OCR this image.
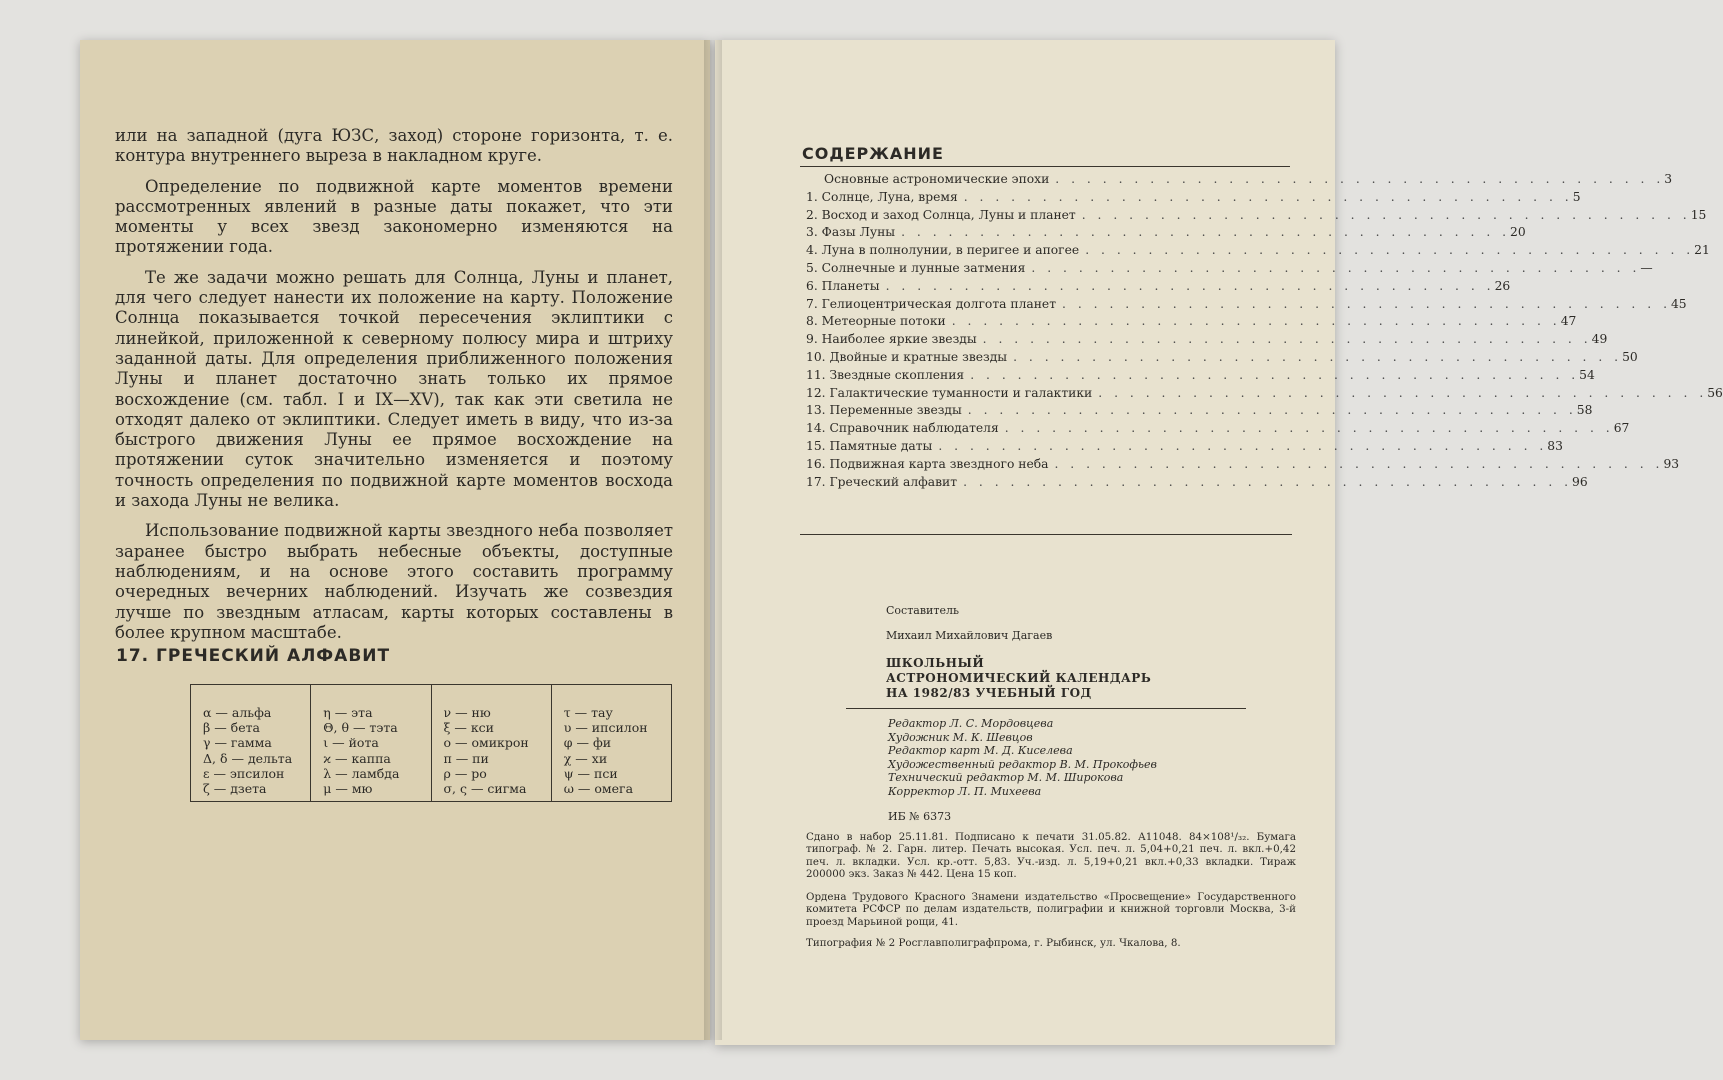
или на западной (дуга ЮЗС, заход) стороне горизонта, т. е. контура внутреннего выреза в накладном круге.

Определение по подвижной карте моментов времени рассмотренных явлений в разные даты покажет, что эти моменты у всех звезд закономерно изменяются на протяжении года.

Те же задачи можно решать для Солнца, Луны и планет, для чего следует нанести их положение на карту. Положение Солнца показывается точкой пересечения эклиптики с линейкой, приложенной к северному полюсу мира и штриху заданной даты. Для определения приближенного положения Луны и планет достаточно знать только их прямое восхождение (см. табл. I и IX—XV), так как эти светила не отходят далеко от эклиптики. Следует иметь в виду, что из-за быстрого движения Луны ее прямое восхождение на протяжении суток значительно изменяется и поэтому точность определения по подвижной карте моментов восхода и захода Луны не велика.

Использование подвижной карты звездного неба позволяет заранее быстро выбрать небесные объекты, доступные наблюдениям, и на основе этого составить программу очередных вечерних наблюдений. Изучать же созвездия лучше по звездным атласам, карты которых составлены в более крупном масштабе.

17. ГРЕЧЕСКИЙ АЛФАВИТ
α — альфа
β — бета
γ — гамма
Δ, δ — дельта
ε — эпсилон
ζ — дзета
η — эта
Θ, θ — тэта
ι — йота
ϰ — каппа
λ — ламбда
μ — мю
ν — ню
ξ — кси
ο — омикрон
π — пи
ρ — ро
σ, ς — сигма
τ — тау
υ — ипсилон
φ — фи
χ — хи
ψ — пси
ω — омега
СОДЕРЖАНИЕ
Основные астрономические эпохи . . . . . . . . . . . . . . . . . . . . . . . . . . . . . . . . . . . . . . . 3
1. Солнце, Луна, время . . . . . . . . . . . . . . . . . . . . . . . . . . . . . . . . . . . . . . . 5
2. Восход и заход Солнца, Луны и планет . . . . . . . . . . . . . . . . . . . . . . . . . . . . . . . . . . . . . . . 15
3. Фазы Луны . . . . . . . . . . . . . . . . . . . . . . . . . . . . . . . . . . . . . . . 20
4. Луна в полнолунии, в перигее и апогее . . . . . . . . . . . . . . . . . . . . . . . . . . . . . . . . . . . . . . . 21
5. Солнечные и лунные затмения . . . . . . . . . . . . . . . . . . . . . . . . . . . . . . . . . . . . . . . —
6. Планеты . . . . . . . . . . . . . . . . . . . . . . . . . . . . . . . . . . . . . . . 26
7. Гелиоцентрическая долгота планет . . . . . . . . . . . . . . . . . . . . . . . . . . . . . . . . . . . . . . . 45
8. Метеорные потоки . . . . . . . . . . . . . . . . . . . . . . . . . . . . . . . . . . . . . . . 47
9. Наиболее яркие звезды . . . . . . . . . . . . . . . . . . . . . . . . . . . . . . . . . . . . . . . 49
10. Двойные и кратные звезды . . . . . . . . . . . . . . . . . . . . . . . . . . . . . . . . . . . . . . . 50
11. Звездные скопления . . . . . . . . . . . . . . . . . . . . . . . . . . . . . . . . . . . . . . . 54
12. Галактические туманности и галактики . . . . . . . . . . . . . . . . . . . . . . . . . . . . . . . . . . . . . . . 56
13. Переменные звезды . . . . . . . . . . . . . . . . . . . . . . . . . . . . . . . . . . . . . . . 58
14. Справочник наблюдателя . . . . . . . . . . . . . . . . . . . . . . . . . . . . . . . . . . . . . . . 67
15. Памятные даты . . . . . . . . . . . . . . . . . . . . . . . . . . . . . . . . . . . . . . . 83
16. Подвижная карта звездного неба . . . . . . . . . . . . . . . . . . . . . . . . . . . . . . . . . . . . . . . 93
17. Греческий алфавит . . . . . . . . . . . . . . . . . . . . . . . . . . . . . . . . . . . . . . . 96
Составитель
Михаил Михайлович Дагаев
ШКОЛЬНЫЙ
АСТРОНОМИЧЕСКИЙ КАЛЕНДАРЬ
НА 1982/83 УЧЕБНЫЙ ГОД
Редактор Л. С. Мордовцева
Художник М. К. Шевцов
Редактор карт М. Д. Киселева
Художественный редактор В. М. Прокофьев
Технический редактор М. М. Широкова
Корректор Л. П. Михеева
ИБ № 6373
Сдано в набор 25.11.81. Подписано к печати 31.05.82. А11048. 84×108¹/₃₂. Бумага типограф. № 2. Гарн. литер. Печать высокая. Усл. печ. л. 5,04+0,21 печ. л. вкл.+0,42 печ. л. вкладки. Усл. кр.-отт. 5,83. Уч.-изд. л. 5,19+0,21 вкл.+0,33 вкладки. Тираж 200000 экз. Заказ № 442. Цена 15 коп.
Ордена Трудового Красного Знамени издательство «Просвещение» Государственного комитета РСФСР по делам издательств, полиграфии и книжной торговли Москва, 3-й проезд Марьиной рощи, 41.
Типография № 2 Росглавполиграфпрома, г. Рыбинск, ул. Чкалова, 8.
